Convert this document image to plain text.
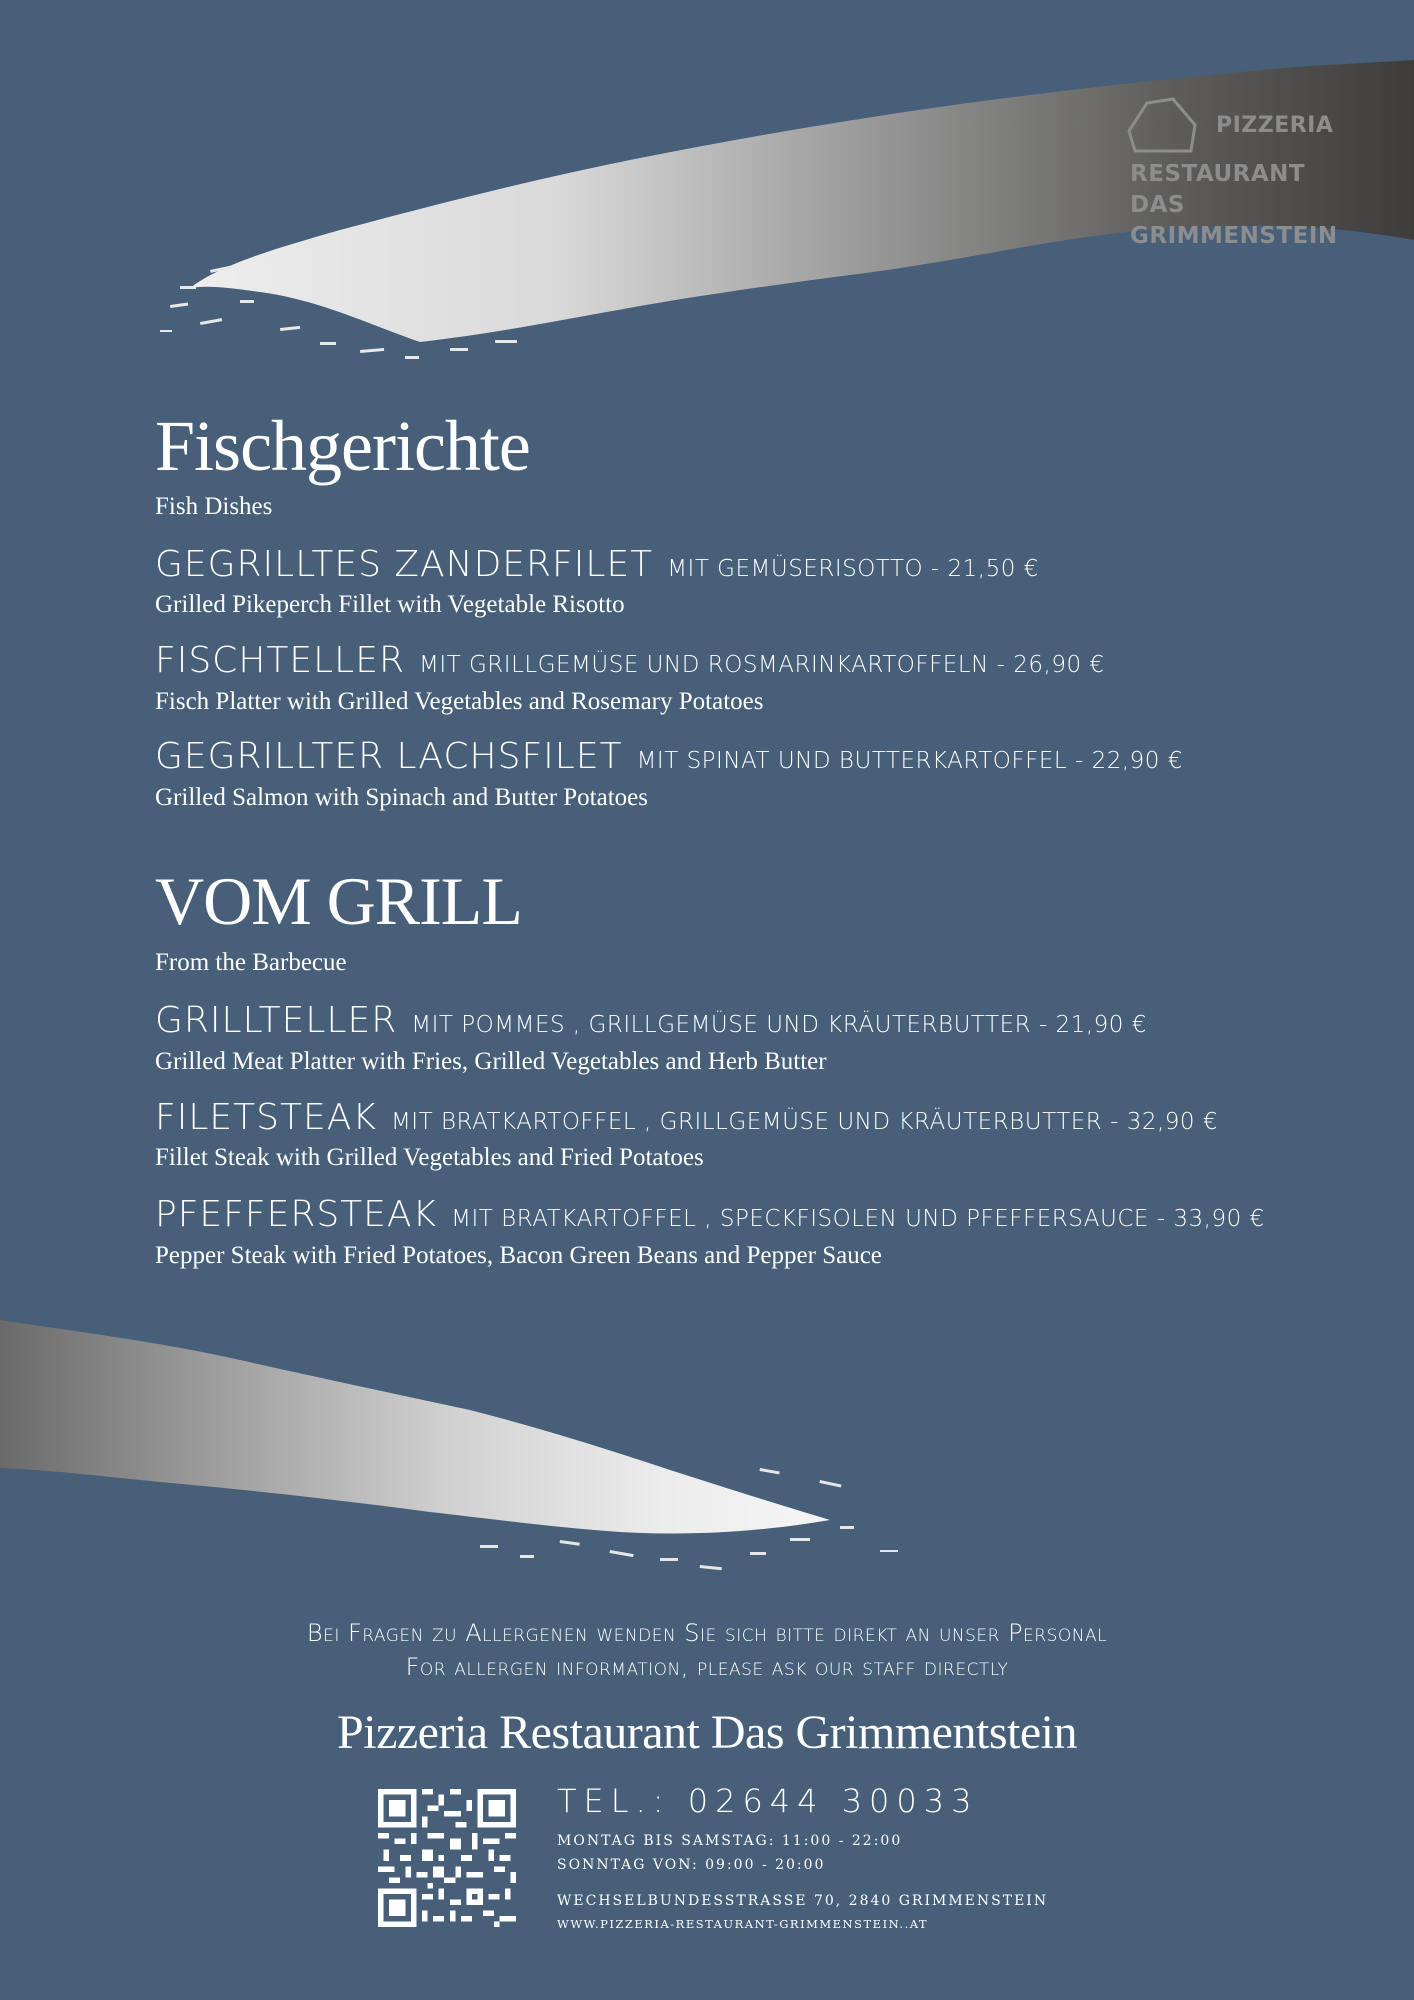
PIZZERIA
RESTAURANT
DAS
GRIMMENSTEIN
Fischgerichte
Fish Dishes
GEGRILLTES ZANDERFILET MIT GEMÜSERISOTTO - 21,50 €
Grilled Pikeperch Fillet with Vegetable Risotto
FISCHTELLER MIT GRILLGEMÜSE UND ROSMARINKARTOFFELN - 26,90 €
Fisch Platter with Grilled Vegetables and Rosemary Potatoes
GEGRILLTER LACHSFILET MIT SPINAT UND BUTTERKARTOFFEL - 22,90 €
Grilled Salmon with Spinach and Butter Potatoes
VOM GRILL
From the Barbecue
GRILLTELLER MIT POMMES , GRILLGEMÜSE UND KRÄUTERBUTTER - 21,90 €
Grilled Meat Platter with Fries, Grilled Vegetables and Herb Butter
FILETSTEAK MIT BRATKARTOFFEL , GRILLGEMÜSE UND KRÄUTERBUTTER - 32,90 €
Fillet Steak with Grilled Vegetables and Fried Potatoes
PFEFFERSTEAK MIT BRATKARTOFFEL , SPECKFISOLEN UND PFEFFERSAUCE - 33,90 €
Pepper Steak with Fried Potatoes, Bacon Green Beans and Pepper Sauce
Bei Fragen zu Allergenen wenden Sie sich bitte direkt an unser Personal
For allergen information, please ask our staff directly
Pizzeria Restaurant Das Grimmentstein
TEL.: 02644 30033
MONTAG BIS SAMSTAG: 11:00 - 22:00
SONNTAG VON: 09:00 - 20:00
WECHSELBUNDESSTRASSE 70, 2840 GRIMMENSTEIN
WWW.PIZZERIA-RESTAURANT-GRIMMENSTEIN..AT
